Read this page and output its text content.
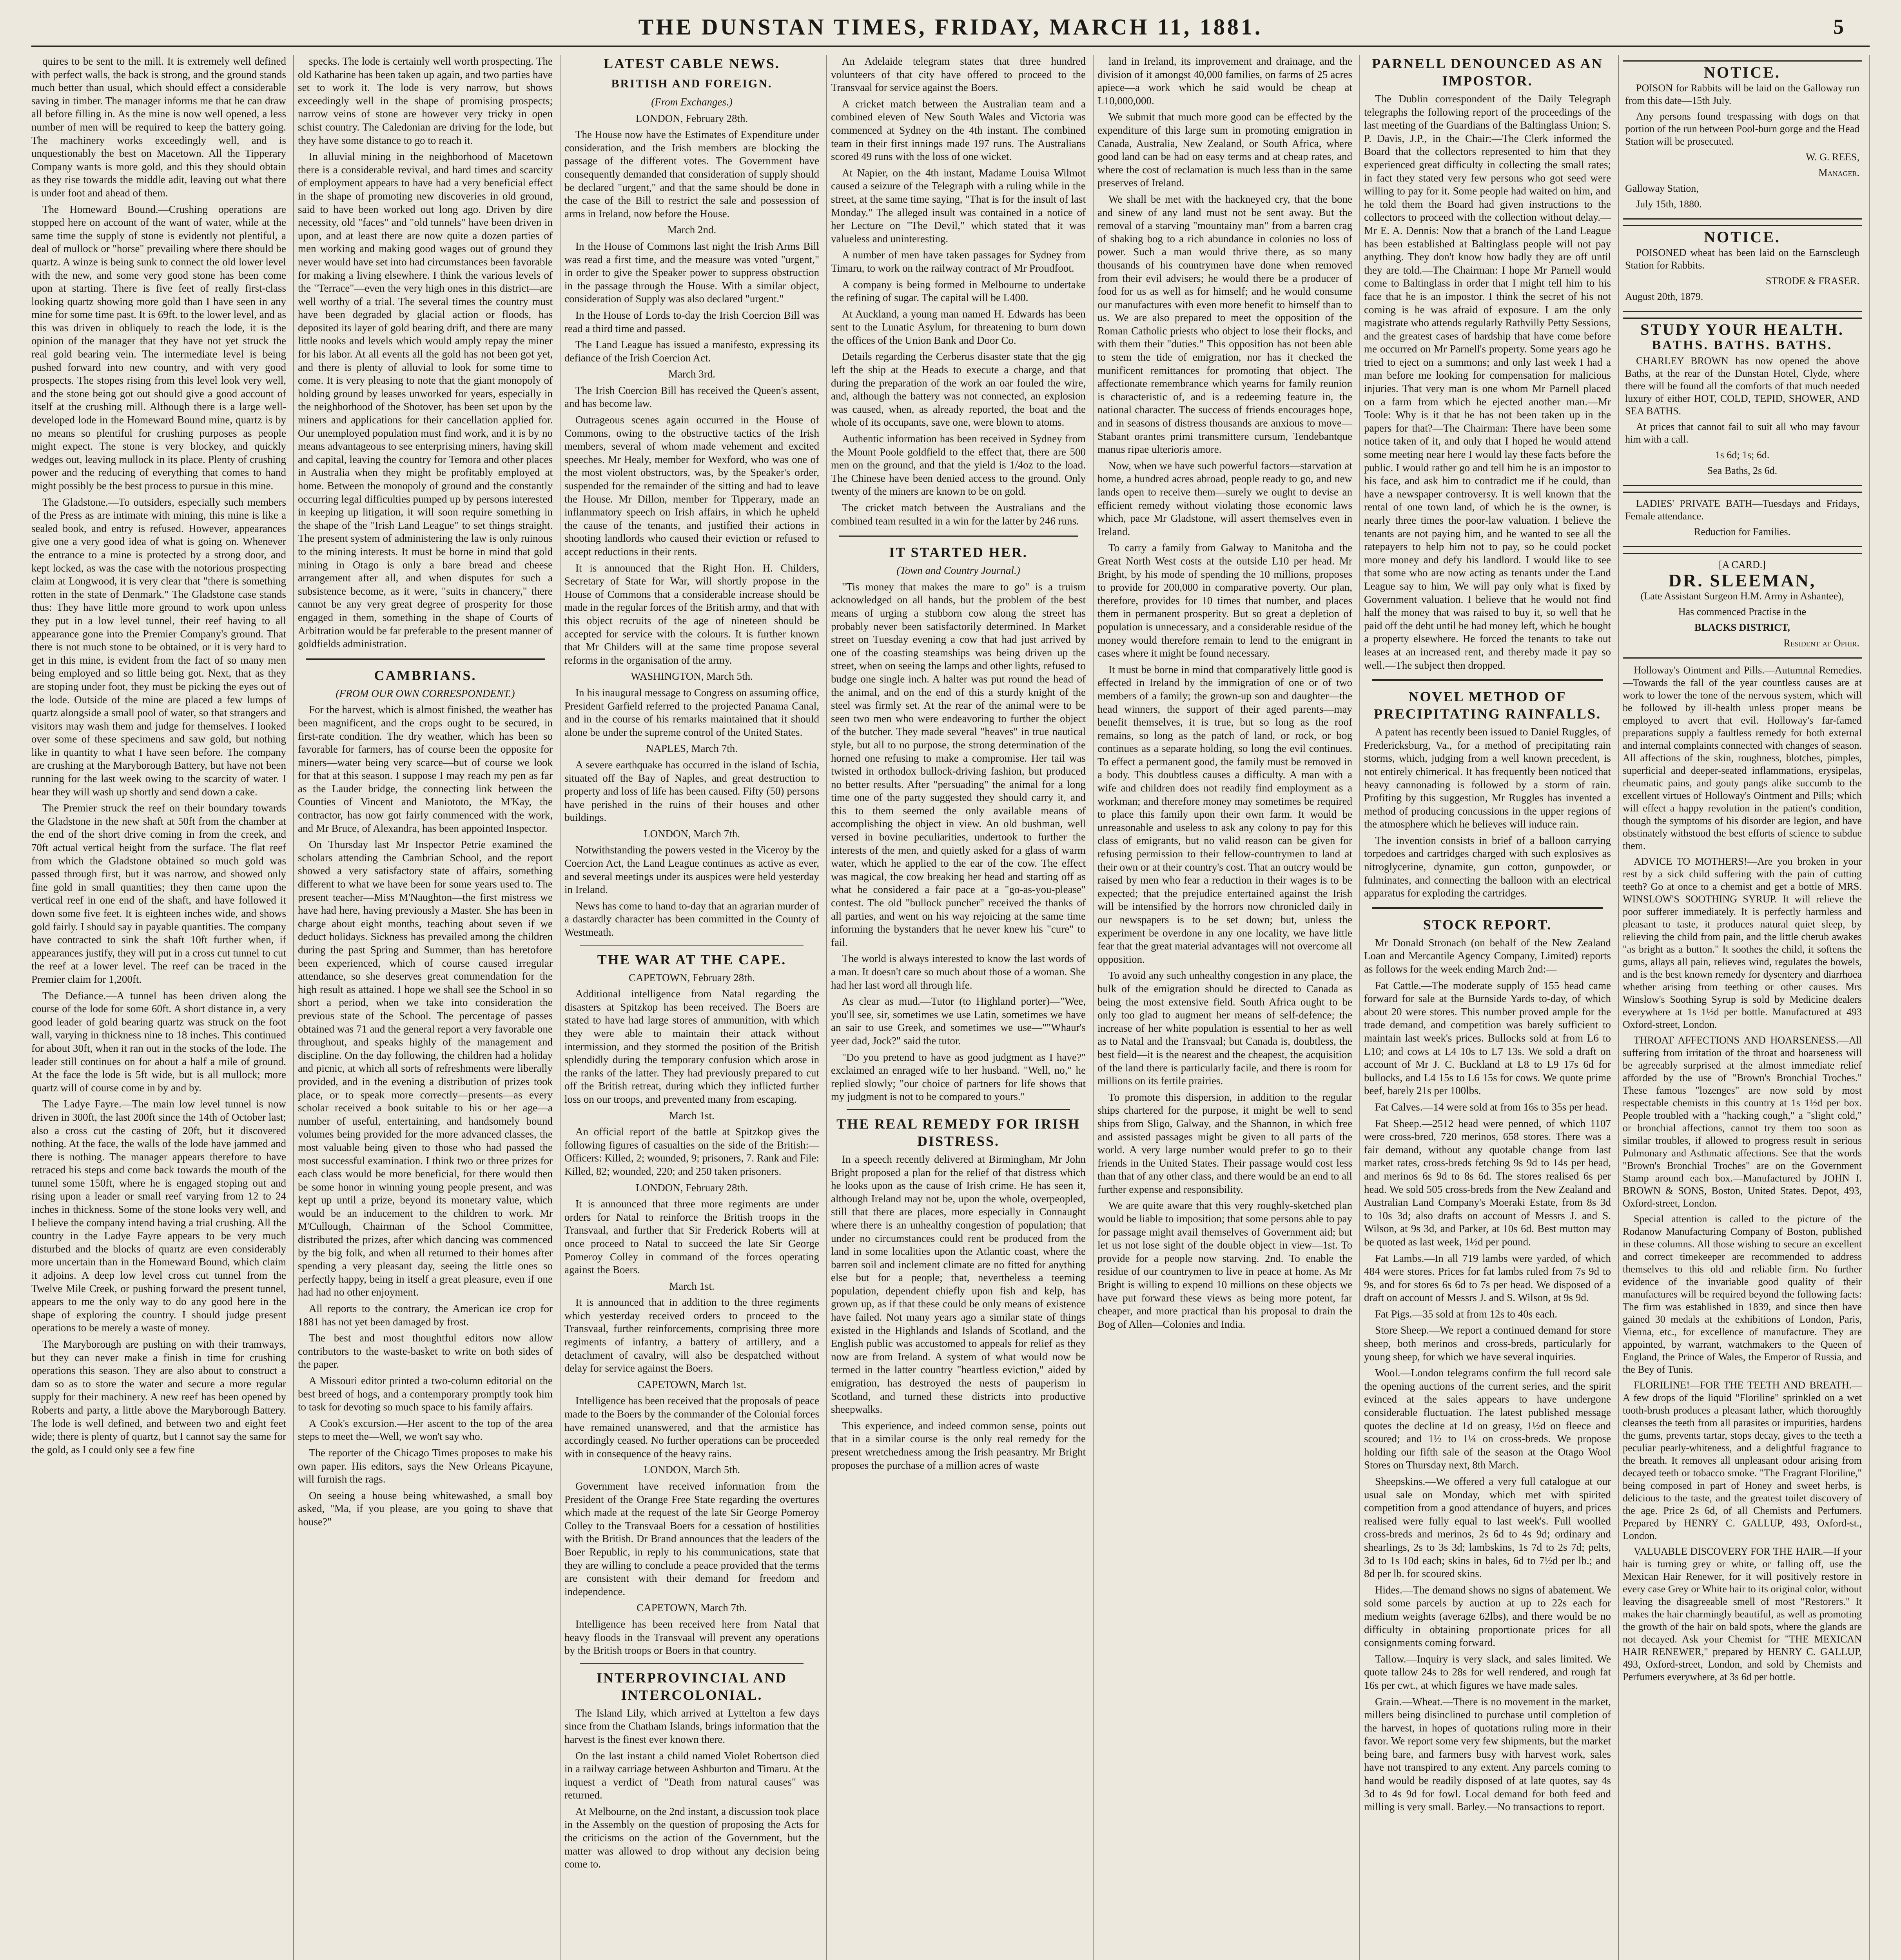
THE DUNSTAN TIMES, FRIDAY, MARCH 11, 1881.	5

quires to be sent to the mill. It is extremely well defined with perfect walls, the back is strong, and the ground stands much better than usual, which should effect a considerable saving in timber. The manager informs me that he can draw all before filling in. As the mine is now well opened, a less number of men will be required to keep the battery going. The machinery works exceedingly well, and is unquestionably the best on Macetown. All the Tipperary Company wants is more gold, and this they should obtain as they rise towards the middle adit, leaving out what there is under foot and ahead of them.

The Homeward Bound.—Crushing operations are stopped here on account of the want of water, while at the same time the supply of stone is evidently not plentiful, a deal of mullock or "horse" prevailing where there should be quartz. A winze is being sunk to connect the old lower level with the new, and some very good stone has been come upon at starting. There is five feet of really first-class looking quartz showing more gold than I have seen in any mine for some time past. It is 69ft. to the lower level, and as this was driven in obliquely to reach the lode, it is the opinion of the manager that they have not yet struck the real gold bearing vein. The intermediate level is being pushed forward into new country, and with very good prospects. The stopes rising from this level look very well, and the stone being got out should give a good account of itself at the crushing mill. Although there is a large well-developed lode in the Homeward Bound mine, quartz is by no means so plentiful for crushing purposes as people might expect. The stone is very blockey, and quickly wedges out, leaving mullock in its place. Plenty of crushing power and the reducing of everything that comes to hand might possibly be the best process to pursue in this mine.

The Gladstone.—To outsiders, especially such members of the Press as are intimate with mining, this mine is like a sealed book, and entry is refused. However, appearances give one a very good idea of what is going on. Whenever the entrance to a mine is protected by a strong door, and kept locked, as was the case with the notorious prospecting claim at Longwood, it is very clear that "there is something rotten in the state of Denmark." The Gladstone case stands thus: They have little more ground to work upon unless they put in a low level tunnel, their reef having to all appearance gone into the Premier Company's ground. That there is not much stone to be obtained, or it is very hard to get in this mine, is evident from the fact of so many men being employed and so little being got. Next, that as they are stoping under foot, they must be picking the eyes out of the lode. Outside of the mine are placed a few lumps of quartz alongside a small pool of water, so that strangers and visitors may wash them and judge for themselves. I looked over some of these specimens and saw gold, but nothing like in quantity to what I have seen before. The company are crushing at the Maryborough Battery, but have not been running for the last week owing to the scarcity of water. I hear they will wash up shortly and send down a cake.

The Premier struck the reef on their boundary towards the Gladstone in the new shaft at 50ft from the chamber at the end of the short drive coming in from the creek, and 70ft actual vertical height from the surface. The flat reef from which the Gladstone obtained so much gold was passed through first, but it was narrow, and showed only fine gold in small quantities; they then came upon the vertical reef in one end of the shaft, and have followed it down some five feet. It is eighteen inches wide, and shows gold fairly. I should say in payable quantities. The company have contracted to sink the shaft 10ft further when, if appearances justify, they will put in a cross cut tunnel to cut the reef at a lower level. The reef can be traced in the Premier claim for 1,200ft.

The Defiance.—A tunnel has been driven along the course of the lode for some 60ft. A short distance in, a very good leader of gold bearing quartz was struck on the foot wall, varying in thickness nine to 18 inches. This continued for about 30ft, when it ran out in the stocks of the lode. The leader still continues on for about a half a mile of ground. At the face the lode is 5ft wide, but is all mullock; more quartz will of course come in by and by.

The Ladye Fayre.—The main low level tunnel is now driven in 300ft, the last 200ft since the 14th of October last; also a cross cut the casting of 20ft, but it discovered nothing. At the face, the walls of the lode have jammed and there is nothing. The manager appears therefore to have retraced his steps and come back towards the mouth of the tunnel some 150ft, where he is engaged stoping out and rising upon a leader or small reef varying from 12 to 24 inches in thickness. Some of the stone looks very well, and I believe the company intend having a trial crushing. All the country in the Ladye Fayre appears to be very much disturbed and the blocks of quartz are even considerably more uncertain than in the Homeward Bound, which claim it adjoins. A deep low level cross cut tunnel from the Twelve Mile Creek, or pushing forward the present tunnel, appears to me the only way to do any good here in the shape of exploring the country. I should judge present operations to be merely a waste of money.

The Maryborough are pushing on with their tramways, but they can never make a finish in time for crushing operations this season. They are also about to construct a dam so as to store the water and secure a more regular supply for their machinery. A new reef has been opened by Roberts and party, a little above the Maryborough Battery. The lode is well defined, and between two and eight feet wide; there is plenty of quartz, but I cannot say the same for the gold, as I could only see a few fine

specks. The lode is certainly well worth prospecting. The old Katharine has been taken up again, and two parties have set to work it. The lode is very narrow, but shows exceedingly well in the shape of promising prospects; narrow veins of stone are however very tricky in open schist country. The Caledonian are driving for the lode, but they have some distance to go to reach it.

In alluvial mining in the neighborhood of Macetown there is a considerable revival, and hard times and scarcity of employment appears to have had a very beneficial effect in the shape of promoting new discoveries in old ground, said to have been worked out long ago. Driven by dire necessity, old "faces" and "old tunnels" have been driven in upon, and at least there are now quite a dozen parties of men working and making good wages out of ground they never would have set into had circumstances been favorable for making a living elsewhere. I think the various levels of the "Terrace"—even the very high ones in this district—are well worthy of a trial. The several times the country must have been degraded by glacial action or floods, has deposited its layer of gold bearing drift, and there are many little nooks and levels which would amply repay the miner for his labor. At all events all the gold has not been got yet, and there is plenty of alluvial to look for some time to come. It is very pleasing to note that the giant monopoly of holding ground by leases unworked for years, especially in the neighborhood of the Shotover, has been set upon by the miners and applications for their cancellation applied for. Our unemployed population must find work, and it is by no means advantageous to see enterprising miners, having skill and capital, leaving the country for Temora and other places in Australia when they might be profitably employed at home. Between the monopoly of ground and the constantly occurring legal difficulties pumped up by persons interested in keeping up litigation, it will soon require something in the shape of the "Irish Land League" to set things straight. The present system of administering the law is only ruinous to the mining interests. It must be borne in mind that gold mining in Otago is only a bare bread and cheese arrangement after all, and when disputes for such a subsistence become, as it were, "suits in chancery," there cannot be any very great degree of prosperity for those engaged in them, something in the shape of Courts of Arbitration would be far preferable to the present manner of goldfields administration.

CAMBRIANS.

(FROM OUR OWN CORRESPONDENT.)

For the harvest, which is almost finished, the weather has been magnificent, and the crops ought to be secured, in first-rate condition. The dry weather, which has been so favorable for farmers, has of course been the opposite for miners—water being very scarce—but of course we look for that at this season. I suppose I may reach my pen as far as the Lauder bridge, the connecting link between the Counties of Vincent and Maniototo, the M'Kay, the contractor, has now got fairly commenced with the work, and Mr Bruce, of Alexandra, has been appointed Inspector.

On Thursday last Mr Inspector Petrie examined the scholars attending the Cambrian School, and the report showed a very satisfactory state of affairs, something different to what we have been for some years used to. The present teacher—Miss M'Naughton—the first mistress we have had here, having previously a Master. She has been in charge about eight months, teaching about seven if we deduct holidays. Sickness has prevailed among the children during the past Spring and Summer, than has heretofore been experienced, which of course caused irregular attendance, so she deserves great commendation for the high result as attained. I hope we shall see the School in so short a period, when we take into consideration the previous state of the School. The percentage of passes obtained was 71 and the general report a very favorable one throughout, and speaks highly of the management and discipline. On the day following, the children had a holiday and picnic, at which all sorts of refreshments were liberally provided, and in the evening a distribution of prizes took place, or to speak more correctly—presents—as every scholar received a book suitable to his or her age—a number of useful, entertaining, and handsomely bound volumes being provided for the more advanced classes, the most valuable being given to those who had passed the most successful examination. I think two or three prizes for each class would be more beneficial, for there would then be some honor in winning young people present, and was kept up until a prize, beyond its monetary value, which would be an inducement to the children to work. Mr M'Cullough, Chairman of the School Committee, distributed the prizes, after which dancing was commenced by the big folk, and when all returned to their homes after spending a very pleasant day, seeing the little ones so perfectly happy, being in itself a great pleasure, even if one had had no other enjoyment.

All reports to the contrary, the American ice crop for 1881 has not yet been damaged by frost.

The best and most thoughtful editors now allow contributors to the waste-basket to write on both sides of the paper.

A Missouri editor printed a two-column editorial on the best breed of hogs, and a contemporary promptly took him to task for devoting so much space to his family affairs.

A Cook's excursion.—Her ascent to the top of the area steps to meet the—Well, we won't say who.

The reporter of the Chicago Times proposes to make his own paper. His editors, says the New Orleans Picayune, will furnish the rags.

On seeing a house being whitewashed, a small boy asked, "Ma, if you please, are you going to shave that house?"

LATEST CABLE NEWS.

BRITISH AND FOREIGN.

(From Exchanges.)

LONDON, February 28th.

The House now have the Estimates of Expenditure under consideration, and the Irish members are blocking the passage of the different votes. The Government have consequently demanded that consideration of supply should be declared "urgent," and that the same should be done in the case of the Bill to restrict the sale and possession of arms in Ireland, now before the House.

March 2nd.

In the House of Commons last night the Irish Arms Bill was read a first time, and the measure was voted "urgent," in order to give the Speaker power to suppress obstruction in the passage through the House. With a similar object, consideration of Supply was also declared "urgent."

In the House of Lords to-day the Irish Coercion Bill was read a third time and passed.

The Land League has issued a manifesto, expressing its defiance of the Irish Coercion Act.

March 3rd.

The Irish Coercion Bill has received the Queen's assent, and has become law.

Outrageous scenes again occurred in the House of Commons, owing to the obstructive tactics of the Irish members, several of whom made vehement and excited speeches. Mr Healy, member for Wexford, who was one of the most violent obstructors, was, by the Speaker's order, suspended for the remainder of the sitting and had to leave the House. Mr Dillon, member for Tipperary, made an inflammatory speech on Irish affairs, in which he upheld the cause of the tenants, and justified their actions in shooting landlords who caused their eviction or refused to accept reductions in their rents.

It is announced that the Right Hon. H. Childers, Secretary of State for War, will shortly propose in the House of Commons that a considerable increase should be made in the regular forces of the British army, and that with this object recruits of the age of nineteen should be accepted for service with the colours. It is further known that Mr Childers will at the same time propose several reforms in the organisation of the army.

WASHINGTON, March 5th.

In his inaugural message to Congress on assuming office, President Garfield referred to the projected Panama Canal, and in the course of his remarks maintained that it should alone be under the supreme control of the United States.

NAPLES, March 7th.

A severe earthquake has occurred in the island of Ischia, situated off the Bay of Naples, and great destruction to property and loss of life has been caused. Fifty (50) persons have perished in the ruins of their houses and other buildings.

LONDON, March 7th.

Notwithstanding the powers vested in the Viceroy by the Coercion Act, the Land League continues as active as ever, and several meetings under its auspices were held yesterday in Ireland.

News has come to hand to-day that an agrarian murder of a dastardly character has been committed in the County of Westmeath.

THE WAR AT THE CAPE.

CAPETOWN, February 28th.

Additional intelligence from Natal regarding the disasters at Spitzkop has been received. The Boers are stated to have had large stores of ammunition, with which they were able to maintain their attack without intermission, and they stormed the position of the British splendidly during the temporary confusion which arose in the ranks of the latter. They had previously prepared to cut off the British retreat, during which they inflicted further loss on our troops, and prevented many from escaping.

March 1st.

An official report of the battle at Spitzkop gives the following figures of casualties on the side of the British:—Officers: Killed, 2; wounded, 9; prisoners, 7. Rank and File: Killed, 82; wounded, 220; and 250 taken prisoners.

LONDON, February 28th.

It is announced that three more regiments are under orders for Natal to reinforce the British troops in the Transvaal, and further that Sir Frederick Roberts will at once proceed to Natal to succeed the late Sir George Pomeroy Colley in command of the forces operating against the Boers.

March 1st.

It is announced that in addition to the three regiments which yesterday received orders to proceed to the Transvaal, further reinforcements, comprising three more regiments of infantry, a battery of artillery, and a detachment of cavalry, will also be despatched without delay for service against the Boers.

CAPETOWN, March 1st.

Intelligence has been received that the proposals of peace made to the Boers by the commander of the Colonial forces have remained unanswered, and that the armistice has accordingly ceased. No further operations can be proceeded with in consequence of the heavy rains.

LONDON, March 5th.

Government have received information from the President of the Orange Free State regarding the overtures which made at the request of the late Sir George Pomeroy Colley to the Transvaal Boers for a cessation of hostilities with the British. Dr Brand announces that the leaders of the Boer Republic, in reply to his communications, state that they are willing to conclude a peace provided that the terms are consistent with their demand for freedom and independence.

CAPETOWN, March 7th.

Intelligence has been received here from Natal that heavy floods in the Transvaal will prevent any operations by the British troops or Boers in that country.

INTERPROVINCIAL AND INTERCOLONIAL.

The Island Lily, which arrived at Lyttelton a few days since from the Chatham Islands, brings information that the harvest is the finest ever known there.

On the last instant a child named Violet Robertson died in a railway carriage between Ashburton and Timaru. At the inquest a verdict of "Death from natural causes" was returned.

At Melbourne, on the 2nd instant, a discussion took place in the Assembly on the question of proposing the Acts for the criticisms on the action of the Government, but the matter was allowed to drop without any decision being come to.

An Adelaide telegram states that three hundred volunteers of that city have offered to proceed to the Transvaal for service against the Boers.

A cricket match between the Australian team and a combined eleven of New South Wales and Victoria was commenced at Sydney on the 4th instant. The combined team in their first innings made 197 runs. The Australians scored 49 runs with the loss of one wicket.

At Napier, on the 4th instant, Madame Louisa Wilmot caused a seizure of the Telegraph with a ruling while in the street, at the same time saying, "That is for the insult of last Monday." The alleged insult was contained in a notice of her Lecture on "The Devil," which stated that it was valueless and uninteresting.

A number of men have taken passages for Sydney from Timaru, to work on the railway contract of Mr Proudfoot.

A company is being formed in Melbourne to undertake the refining of sugar. The capital will be L400.

At Auckland, a young man named H. Edwards has been sent to the Lunatic Asylum, for threatening to burn down the offices of the Union Bank and Door Co.

Details regarding the Cerberus disaster state that the gig left the ship at the Heads to execute a charge, and that during the preparation of the work an oar fouled the wire, and, although the battery was not connected, an explosion was caused, when, as already reported, the boat and the whole of its occupants, save one, were blown to atoms.

Authentic information has been received in Sydney from the Mount Poole goldfield to the effect that, there are 500 men on the ground, and that the yield is 1/4oz to the load. The Chinese have been denied access to the ground. Only twenty of the miners are known to be on gold.

The cricket match between the Australians and the combined team resulted in a win for the latter by 246 runs.

IT STARTED HER.

(Town and Country Journal.)

"Tis money that makes the mare to go" is a truism acknowledged on all hands, but the problem of the best means of urging a stubborn cow along the street has probably never been satisfactorily determined. In Market street on Tuesday evening a cow that had just arrived by one of the coasting steamships was being driven up the street, when on seeing the lamps and other lights, refused to budge one single inch. A halter was put round the head of the animal, and on the end of this a sturdy knight of the steel was firmly set. At the rear of the animal were to be seen two men who were endeavoring to further the object of the butcher. They made several "heaves" in true nautical style, but all to no purpose, the strong determination of the horned one refusing to make a compromise. Her tail was twisted in orthodox bullock-driving fashion, but produced no better results. After "persuading" the animal for a long time one of the party suggested they should carry it, and this to them seemed the only available means of accomplishing the object in view. An old bushman, well versed in bovine peculiarities, undertook to further the interests of the men, and quietly asked for a glass of warm water, which he applied to the ear of the cow. The effect was magical, the cow breaking her head and starting off as what he considered a fair pace at a "go-as-you-please" contest. The old "bullock puncher" received the thanks of all parties, and went on his way rejoicing at the same time informing the bystanders that he never knew his "cure" to fail.

The world is always interested to know the last words of a man. It doesn't care so much about those of a woman. She had her last word all through life.

As clear as mud.—Tutor (to Highland porter)—"Wee, you'll see, sir, sometimes we use Latin, sometimes we have an sair to use Greek, and sometimes we use—""Whaur's yeer dad, Jock?" said the tutor.

"Do you pretend to have as good judgment as I have?" exclaimed an enraged wife to her husband. "Well, no," he replied slowly; "our choice of partners for life shows that my judgment is not to be compared to yours."

THE REAL REMEDY FOR IRISH DISTRESS.

In a speech recently delivered at Birmingham, Mr John Bright proposed a plan for the relief of that distress which he looks upon as the cause of Irish crime. He has seen it, although Ireland may not be, upon the whole, overpeopled, still that there are places, more especially in Connaught where there is an unhealthy congestion of population; that under no circumstances could rent be produced from the land in some localities upon the Atlantic coast, where the barren soil and inclement climate are no fitted for anything else but for a people; that, nevertheless a teeming population, dependent chiefly upon fish and kelp, has grown up, as if that these could be only means of existence have failed. Not many years ago a similar state of things existed in the Highlands and Islands of Scotland, and the English public was accustomed to appeals for relief as they now are from Ireland. A system of what would now be termed in the latter country "heartless eviction," aided by emigration, has destroyed the nests of pauperism in Scotland, and turned these districts into productive sheepwalks.

This experience, and indeed common sense, points out that in a similar course is the only real remedy for the present wretchedness among the Irish peasantry. Mr Bright proposes the purchase of a million acres of waste

land in Ireland, its improvement and drainage, and the division of it amongst 40,000 families, on farms of 25 acres apiece—a work which he said would be cheap at L10,000,000.

We submit that much more good can be effected by the expenditure of this large sum in promoting emigration in Canada, Australia, New Zealand, or South Africa, where good land can be had on easy terms and at cheap rates, and where the cost of reclamation is much less than in the same preserves of Ireland.

We shall be met with the hackneyed cry, that the bone and sinew of any land must not be sent away. But the removal of a starving "mountainy man" from a barren crag of shaking bog to a rich abundance in colonies no loss of power. Such a man would thrive there, as so many thousands of his countrymen have done when removed from their evil advisers; he would there be a producer of food for us as well as for himself; and he would consume our manufactures with even more benefit to himself than to us. We are also prepared to meet the opposition of the Roman Catholic priests who object to lose their flocks, and with them their "duties." This opposition has not been able to stem the tide of emigration, nor has it checked the munificent remittances for promoting that object. The affectionate remembrance which yearns for family reunion is characteristic of, and is a redeeming feature in, the national character. The success of friends encourages hope, and in seasons of distress thousands are anxious to move—Stabant orantes primi transmittere cursum, Tendebantque manus ripae ulterioris amore.

Now, when we have such powerful factors—starvation at home, a hundred acres abroad, people ready to go, and new lands open to receive them—surely we ought to devise an efficient remedy without violating those economic laws which, pace Mr Gladstone, will assert themselves even in Ireland.

To carry a family from Galway to Manitoba and the Great North West costs at the outside L10 per head. Mr Bright, by his mode of spending the 10 millions, proposes to provide for 200,000 in comparative poverty. Our plan, therefore, provides for 10 times that number, and places them in permanent prosperity. But so great a depletion of population is unnecessary, and a considerable residue of the money would therefore remain to lend to the emigrant in cases where it might be found necessary.

It must be borne in mind that comparatively little good is effected in Ireland by the immigration of one or of two members of a family; the grown-up son and daughter—the head winners, the support of their aged parents—may benefit themselves, it is true, but so long as the roof remains, so long as the patch of land, or rock, or bog continues as a separate holding, so long the evil continues. To effect a permanent good, the family must be removed in a body. This doubtless causes a difficulty. A man with a wife and children does not readily find employment as a workman; and therefore money may sometimes be required to place this family upon their own farm. It would be unreasonable and useless to ask any colony to pay for this class of emigrants, but no valid reason can be given for refusing permission to their fellow-countrymen to land at their own or at their country's cost. That an outcry would be raised by men who fear a reduction in their wages is to be expected; that the prejudice entertained against the Irish will be intensified by the horrors now chronicled daily in our newspapers is to be set down; but, unless the experiment be overdone in any one locality, we have little fear that the great material advantages will not overcome all opposition.

To avoid any such unhealthy congestion in any place, the bulk of the emigration should be directed to Canada as being the most extensive field. South Africa ought to be only too glad to augment her means of self-defence; the increase of her white population is essential to her as well as to Natal and the Transvaal; but Canada is, doubtless, the best field—it is the nearest and the cheapest, the acquisition of the land there is particularly facile, and there is room for millions on its fertile prairies.

To promote this dispersion, in addition to the regular ships chartered for the purpose, it might be well to send ships from Sligo, Galway, and the Shannon, in which free and assisted passages might be given to all parts of the world. A very large number would prefer to go to their friends in the United States. Their passage would cost less than that of any other class, and there would be an end to all further expense and responsibility.

We are quite aware that this very roughly-sketched plan would be liable to imposition; that some persons able to pay for passage might avail themselves of Government aid; but let us not lose sight of the double object in view—1st. To provide for a people now starving. 2nd. To enable the residue of our countrymen to live in peace at home. As Mr Bright is willing to expend 10 millions on these objects we have put forward these views as being more potent, far cheaper, and more practical than his proposal to drain the Bog of Allen—Colonies and India.

PARNELL DENOUNCED AS AN IMPOSTOR.

The Dublin correspondent of the Daily Telegraph telegraphs the following report of the proceedings of the last meeting of the Guardians of the Baltinglass Union; S. P. Davis, J.P., in the Chair:—The Clerk informed the Board that the collectors represented to him that they experienced great difficulty in collecting the small rates; in fact they stated very few persons who got seed were willing to pay for it. Some people had waited on him, and he told them the Board had given instructions to the collectors to proceed with the collection without delay.—Mr E. A. Dennis: Now that a branch of the Land League has been established at Baltinglass people will not pay anything. They don't know how badly they are off until they are told.—The Chairman: I hope Mr Parnell would come to Baltinglass in order that I might tell him to his face that he is an impostor. I think the secret of his not coming is he was afraid of exposure. I am the only magistrate who attends regularly Rathvilly Petty Sessions, and the greatest cases of hardship that have come before me occurred on Mr Parnell's property. Some years ago he tried to eject on a summons; and only last week I had a man before me looking for compensation for malicious injuries. That very man is one whom Mr Parnell placed on a farm from which he ejected another man.—Mr Toole: Why is it that he has not been taken up in the papers for that?—The Chairman: There have been some notice taken of it, and only that I hoped he would attend some meeting near here I would lay these facts before the public. I would rather go and tell him he is an impostor to his face, and ask him to contradict me if he could, than have a newspaper controversy. It is well known that the rental of one town land, of which he is the owner, is nearly three times the poor-law valuation. I believe the tenants are not paying him, and he wanted to see all the ratepayers to help him not to pay, so he could pocket more money and defy his landlord. I would like to see that some who are now acting as tenants under the Land League say to him, We will pay only what is fixed by Government valuation. I believe that he would not find half the money that was raised to buy it, so well that he paid off the debt until he had money left, which he bought a property elsewhere. He forced the tenants to take out leases at an increased rent, and thereby made it pay so well.—The subject then dropped.

NOVEL METHOD OF PRECIPITATING RAINFALLS.

A patent has recently been issued to Daniel Ruggles, of Fredericksburg, Va., for a method of precipitating rain storms, which, judging from a well known precedent, is not entirely chimerical. It has frequently been noticed that heavy cannonading is followed by a storm of rain. Profiting by this suggestion, Mr Ruggles has invented a method of producing concussions in the upper regions of the atmosphere which he believes will induce rain.

The invention consists in brief of a balloon carrying torpedoes and cartridges charged with such explosives as nitroglycerine, dynamite, gun cotton, gunpowder, or fulminates, and connecting the balloon with an electrical apparatus for exploding the cartridges.

STOCK REPORT.

Mr Donald Stronach (on behalf of the New Zealand Loan and Mercantile Agency Company, Limited) reports as follows for the week ending March 2nd:—

Fat Cattle.—The moderate supply of 155 head came forward for sale at the Burnside Yards to-day, of which about 20 were stores. This number proved ample for the trade demand, and competition was barely sufficient to maintain last week's prices. Bullocks sold at from L6 to L10; and cows at L4 10s to L7 13s. We sold a draft on account of Mr J. C. Buckland at L8 to L9 17s 6d for bullocks, and L4 15s to L6 15s for cows. We quote prime beef, barely 21s per 100lbs.

Fat Calves.—14 were sold at from 16s to 35s per head.

Fat Sheep.—2512 head were penned, of which 1107 were cross-bred, 720 merinos, 658 stores. There was a fair demand, without any quotable change from last market rates, cross-breds fetching 9s 9d to 14s per head, and merinos 6s 9d to 8s 6d. The stores realised 6s per head. We sold 505 cross-breds from the New Zealand and Australian Land Company's Moeraki Estate, from 8s 3d to 10s 3d; also drafts on account of Messrs J. and S. Wilson, at 9s 3d, and Parker, at 10s 6d. Best mutton may be quoted as last week, 1½d per pound.

Fat Lambs.—In all 719 lambs were yarded, of which 484 were stores. Prices for fat lambs ruled from 7s 9d to 9s, and for stores 6s 6d to 7s per head. We disposed of a draft on account of Messrs J. and S. Wilson, at 9s 9d.

Fat Pigs.—35 sold at from 12s to 40s each.

Store Sheep.—We report a continued demand for store sheep, both merinos and cross-breds, particularly for young sheep, for which we have several inquiries.

Wool.—London telegrams confirm the full record sale the opening auctions of the current series, and the spirit evinced at the sales appears to have undergone considerable fluctuation. The latest published message quotes the decline at 1d on greasy, 1½d on fleece and scoured; and 1½ to 1¼ on cross-breds. We propose holding our fifth sale of the season at the Otago Wool Stores on Thursday next, 8th March.

Sheepskins.—We offered a very full catalogue at our usual sale on Monday, which met with spirited competition from a good attendance of buyers, and prices realised were fully equal to last week's. Full woolled cross-breds and merinos, 2s 6d to 4s 9d; ordinary and shearlings, 2s to 3s 3d; lambskins, 1s 7d to 2s 7d; pelts, 3d to 1s 10d each; skins in bales, 6d to 7½d per lb.; and 8d per lb. for scoured skins.

Hides.—The demand shows no signs of abatement. We sold some parcels by auction at up to 22s each for medium weights (average 62lbs), and there would be no difficulty in obtaining proportionate prices for all consignments coming forward.

Tallow.—Inquiry is very slack, and sales limited. We quote tallow 24s to 28s for well rendered, and rough fat 16s per cwt., at which figures we have made sales.

Grain.—Wheat.—There is no movement in the market, millers being disinclined to purchase until completion of the harvest, in hopes of quotations ruling more in their favor. We report some very few shipments, but the market being bare, and farmers busy with harvest work, sales have not transpired to any extent. Any parcels coming to hand would be readily disposed of at late quotes, say 4s 3d to 4s 9d for fowl. Local demand for both feed and milling is very small. Barley.—No transactions to report.

NOTICE.

POISON for Rabbits will be laid on the Galloway run from this date—15th July.

Any persons found trespassing with dogs on that portion of the run between Pool-burn gorge and the Head Station will be prosecuted.

W. G. REES,

Manager.

Galloway Station,

July 15th, 1880.

NOTICE.

POISONED wheat has been laid on the Earnscleugh Station for Rabbits.

STRODE & FRASER.

August 20th, 1879.

STUDY YOUR HEALTH.

BATHS. BATHS. BATHS.

CHARLEY BROWN has now opened the above Baths, at the rear of the Dunstan Hotel, Clyde, where there will be found all the comforts of that much needed luxury of either HOT, COLD, TEPID, SHOWER, AND SEA BATHS.

At prices that cannot fail to suit all who may favour him with a call.

1s 6d; 1s; 6d.

Sea Baths, 2s 6d.

LADIES' PRIVATE BATH—Tuesdays and Fridays, Female attendance.

Reduction for Families.

[A CARD.]

DR. SLEEMAN,

(Late Assistant Surgeon H.M. Army in Ashantee),

Has commenced Practise in the

BLACKS DISTRICT,

Resident at Ophir.

Holloway's Ointment and Pills.—Autumnal Remedies.—Towards the fall of the year countless causes are at work to lower the tone of the nervous system, which will be followed by ill-health unless proper means be employed to avert that evil. Holloway's far-famed preparations supply a faultless remedy for both external and internal complaints connected with changes of season. All affections of the skin, roughness, blotches, pimples, superficial and deeper-seated inflammations, erysipelas, rheumatic pains, and gouty pangs alike succumb to the excellent virtues of Holloway's Ointment and Pills; which will effect a happy revolution in the patient's condition, though the symptoms of his disorder are legion, and have obstinately withstood the best efforts of science to subdue them.

ADVICE TO MOTHERS!—Are you broken in your rest by a sick child suffering with the pain of cutting teeth? Go at once to a chemist and get a bottle of MRS. WINSLOW'S SOOTHING SYRUP. It will relieve the poor sufferer immediately. It is perfectly harmless and pleasant to taste, it produces natural quiet sleep, by relieving the child from pain, and the little cherub awakes "as bright as a button." It soothes the child, it softens the gums, allays all pain, relieves wind, regulates the bowels, and is the best known remedy for dysentery and diarrhoea whether arising from teething or other causes. Mrs Winslow's Soothing Syrup is sold by Medicine dealers everywhere at 1s 1½d per bottle. Manufactured at 493 Oxford-street, London.

THROAT AFFECTIONS AND HOARSENESS.—All suffering from irritation of the throat and hoarseness will be agreeably surprised at the almost immediate relief afforded by the use of "Brown's Bronchial Troches." These famous "lozenges" are now sold by most respectable chemists in this country at 1s 1½d per box. People troubled with a "hacking cough," a "slight cold," or bronchial affections, cannot try them too soon as similar troubles, if allowed to progress result in serious Pulmonary and Asthmatic affections. See that the words "Brown's Bronchial Troches" are on the Government Stamp around each box.—Manufactured by JOHN I. BROWN & SONS, Boston, United States. Depot, 493, Oxford-street, London.

Special attention is called to the picture of the Rodanow Manufacturing Company of Boston, published in these columns. All those wishing to secure an excellent and correct timekeeper are recommended to address themselves to this old and reliable firm. No further evidence of the invariable good quality of their manufactures will be required beyond the following facts: The firm was established in 1839, and since then have gained 30 medals at the exhibitions of London, Paris, Vienna, etc., for excellence of manufacture. They are appointed, by warrant, watchmakers to the Queen of England, the Prince of Wales, the Emperor of Russia, and the Bey of Tunis.

FLORILINE!—FOR THE TEETH AND BREATH.—A few drops of the liquid "Floriline" sprinkled on a wet tooth-brush produces a pleasant lather, which thoroughly cleanses the teeth from all parasites or impurities, hardens the gums, prevents tartar, stops decay, gives to the teeth a peculiar pearly-whiteness, and a delightful fragrance to the breath. It removes all unpleasant odour arising from decayed teeth or tobacco smoke. "The Fragrant Floriline," being composed in part of Honey and sweet herbs, is delicious to the taste, and the greatest toilet discovery of the age. Price 2s 6d, of all Chemists and Perfumers. Prepared by HENRY C. GALLUP, 493, Oxford-st., London.

VALUABLE DISCOVERY FOR THE HAIR.—If your hair is turning grey or white, or falling off, use the Mexican Hair Renewer, for it will positively restore in every case Grey or White hair to its original color, without leaving the disagreeable smell of most "Restorers." It makes the hair charmingly beautiful, as well as promoting the growth of the hair on bald spots, where the glands are not decayed. Ask your Chemist for "THE MEXICAN HAIR RENEWER," prepared by HENRY C. GALLUP, 493, Oxford-street, London, and sold by Chemists and Perfumers everywhere, at 3s 6d per bottle.
